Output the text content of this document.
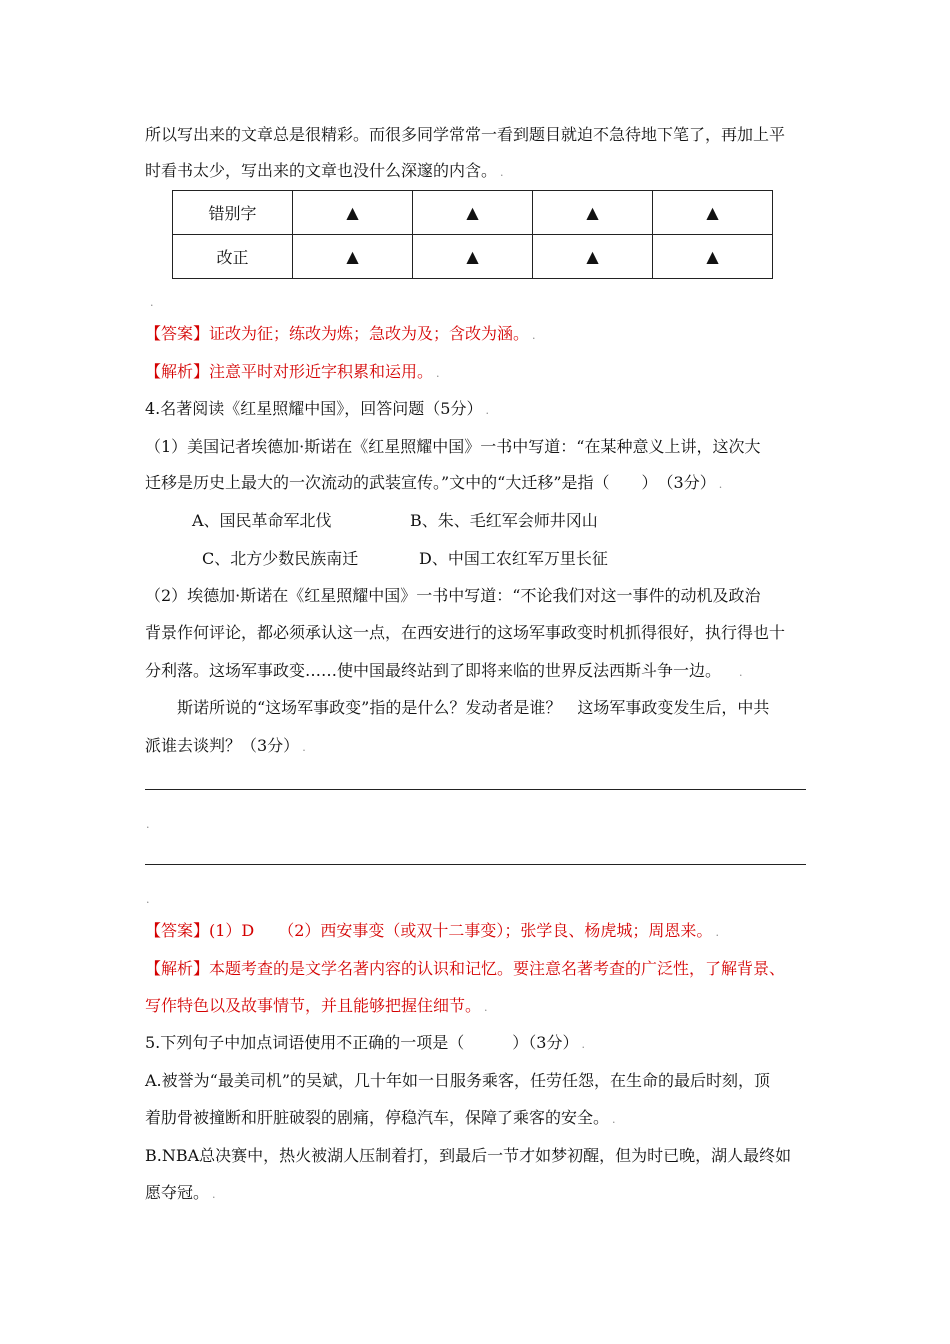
所以写出来的文章总是很精彩。而很多同学常常一看到题目就迫不急待地下笔了，再加上平
时看书太少，写出来的文章也没什么深邃的内含。 .
错别字	▲	▲	▲	▲
改正	▲	▲	▲	▲
.
【答案】证改为征；练改为炼；急改为及；含改为涵。 .
【解析】注意平时对形近字积累和运用。 .
4.名著阅读《红星照耀中国》，回答问题（5分） .
（1）美国记者埃德加·斯诺在《红星照耀中国》一书中写道：“在某种意义上讲，这次大
迁移是历史上最大的一次流动的武装宣传。”文中的“大迁移”是指（　　）　（3分） .
A、国民革命军北伐	B、朱、毛红军会师井冈山
C、北方少数民族南迁	D、中国工农红军万里长征
（2）埃德加·斯诺在《红星照耀中国》一书中写道：“不论我们对这一事件的动机及政治
背景作何评论，都必须承认这一点，在西安进行的这场军事政变时机抓得很好，执行得也十
分利落。这场军事政变……使中国最终站到了即将来临的世界反法西斯斗争一边。 .
斯诺所说的“这场军事政变”指的是什么？发动者是谁？　这场军事政变发生后，中共
派谁去谈判？（3分） .
.
.
【答案】(1）D　　（2）西安事变（或双十二事变）；张学良、杨虎城；周恩来。 .
【解析】本题考查的是文学名著内容的认识和记忆。要注意名著考查的广泛性，了解背景、
写作特色以及故事情节，并且能够把握住细节。 .
5.下列句子中加点词语使用不正确的一项是（　　　）（3分） .
A.被誉为“最美司机”的吴斌，几十年如一日服务乘客，任劳任怨，在生命的最后时刻，顶
着肋骨被撞断和肝脏破裂的剧痛，停稳汽车，保障了乘客的安全。 .
B.NBA总决赛中，热火被湖人压制着打，到最后一节才如梦初醒，但为时已晚，湖人最终如
愿夺冠。 .
